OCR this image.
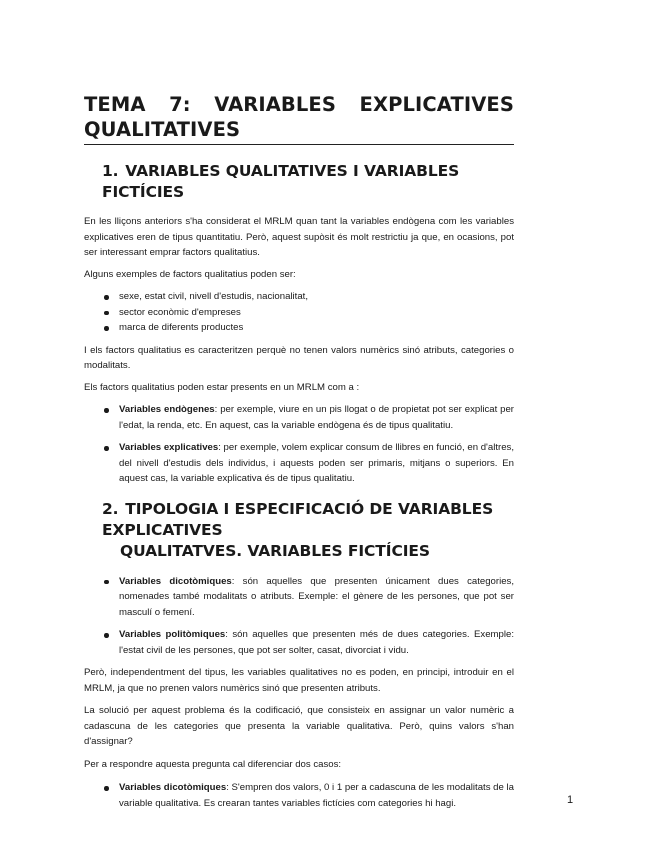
TEMA 7: VARIABLES EXPLICATIVES
QUALITATIVES
1. VARIABLES QUALITATIVES I VARIABLES FICTÍCIES

En les lliçons anteriors s'ha considerat el MRLM quan tant la variables endògena com les variables explicatives eren de tipus quantitatiu. Però, aquest supòsit és molt restrictiu ja que, en ocasions, pot ser interessant emprar factors qualitatius.

Alguns exemples de factors qualitatius poden ser:

sexe, estat civil, nivell d'estudis, nacionalitat,
sector econòmic d'empreses
marca de diferents productes

I els factors qualitatius es caracteritzen perquè no tenen valors numèrics sinó atributs, categories o modalitats.

Els factors qualitatius poden estar presents en un MRLM com a :

Variables endògenes: per exemple, viure en un pis llogat o de propietat pot ser explicat per l'edat, la renda, etc. En aquest, cas la variable endògena és de tipus qualitatiu.
Variables explicatives: per exemple, volem explicar consum de llibres en funció, en d'altres, del nivell d'estudis dels individus, i aquests poden ser primaris, mitjans o superiors. En aquest cas, la variable explicativa és de tipus qualitatiu.
2. TIPOLOGIA I ESPECIFICACIÓ DE VARIABLES EXPLICATIVES
QUALITATVES. VARIABLES FICTÍCIES
Variables dicotòmiques: són aquelles que presenten únicament dues categories, nomenades també modalitats o atributs. Exemple: el gènere de les persones, que pot ser masculí o femení.
Variables politòmiques: són aquelles que presenten més de dues categories. Exemple: l'estat civil de les persones, que pot ser solter, casat, divorciat i vidu.

Però, independentment del tipus, les variables qualitatives no es poden, en principi, introduir en el MRLM, ja que no prenen valors numèrics sinó que presenten atributs.

La solució per aquest problema és la codificació, que consisteix en assignar un valor numèric a cadascuna de les categories que presenta la variable qualitativa. Però, quins valors s'han d'assignar?

Per a respondre aquesta pregunta cal diferenciar dos casos:

Variables dicotòmiques: S'empren dos valors, 0 i 1 per a cadascuna de les modalitats de la variable qualitativa. Es crearan tantes variables fictícies com categories hi hagi.	1
